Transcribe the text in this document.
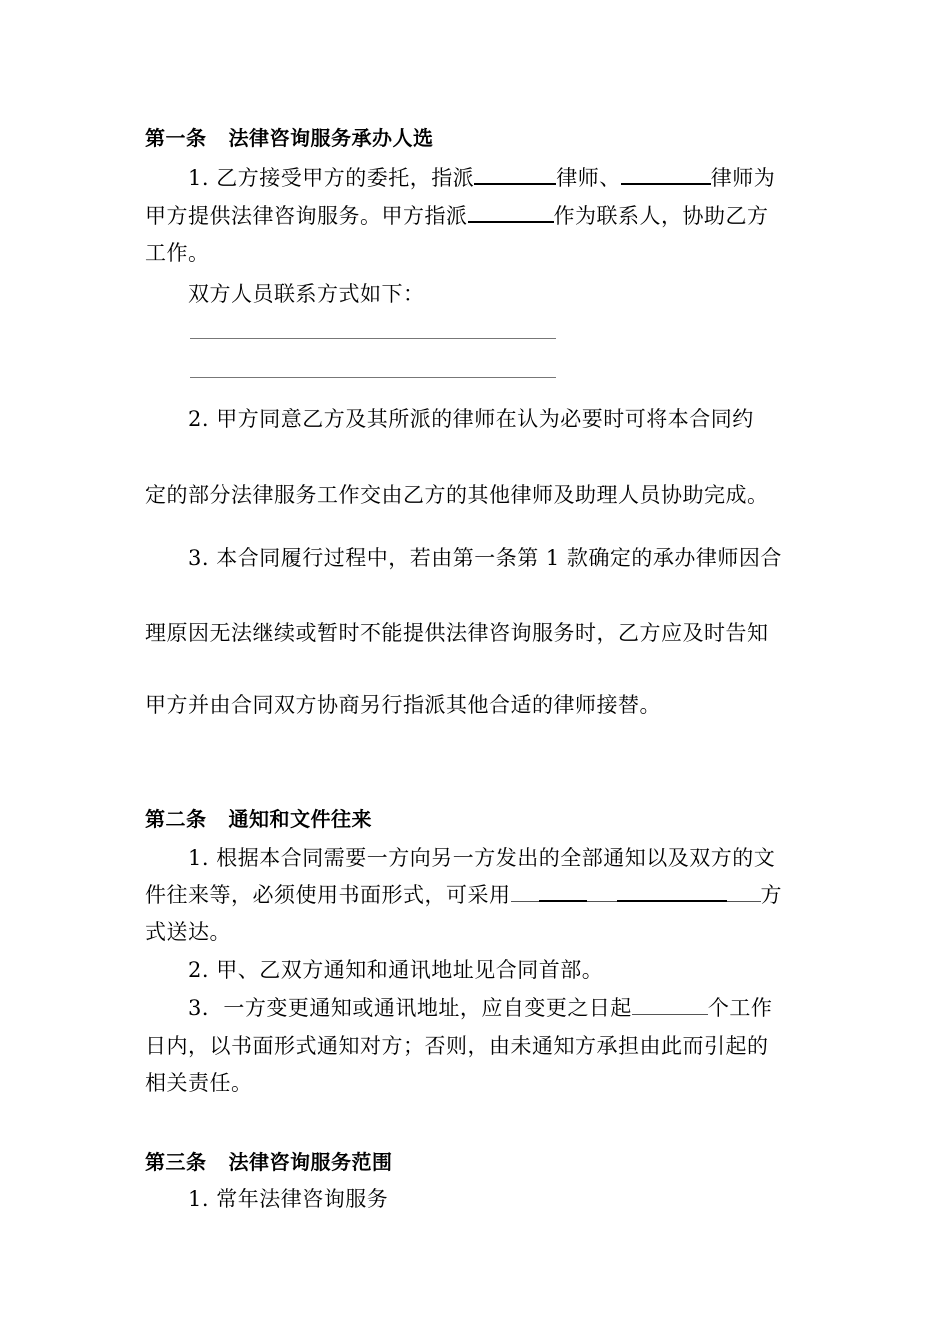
第一条 法律咨询服务承办人选
1. 乙方接受甲方的委托，指派	律师、	律师为
甲方提供法律咨询服务。甲方指派	作为联系人，协助乙方
工作。
双方人员联系方式如下：
2. 甲方同意乙方及其所派的律师在认为必要时可将本合同约
定的部分法律服务工作交由乙方的其他律师及助理人员协助完成。
3. 本合同履行过程中，若由第一条第 1 款确定的承办律师因合
理原因无法继续或暂时不能提供法律咨询服务时，乙方应及时告知
甲方并由合同双方协商另行指派其他合适的律师接替。
第二条 通知和文件往来
1. 根据本合同需要一方向另一方发出的全部通知以及双方的文
件往来等，必须使用书面形式，可采用	方
式送达。
2. 甲、乙双方通知和通讯地址见合同首部。
3．一方变更通知或通讯地址，应自变更之日起	个工作
日内，以书面形式通知对方；否则，由未通知方承担由此而引起的
相关责任。
第三条 法律咨询服务范围
1. 常年法律咨询服务
